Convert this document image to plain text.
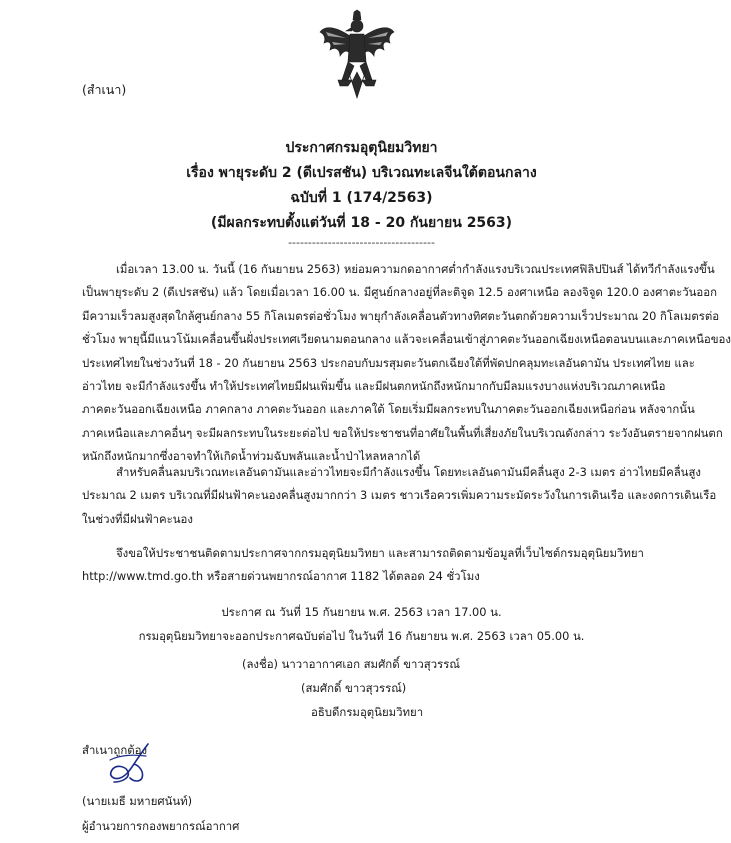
(สำเนา)
ประกาศกรมอุตุนิยมวิทยา
เรื่อง พายุระดับ 2 (ดีเปรสชัน) บริเวณทะเลจีนใต้ตอนกลาง
ฉบับที่ 1 (174/2563)
(มีผลกระทบตั้งแต่วันที่ 18 - 20 กันยายน 2563)
-------------------------------------
เมื่อเวลา 13.00 น. วันนี้ (16 กันยายน 2563) หย่อมความกดอากาศต่ำกำลังแรงบริเวณประเทศฟิลิปปินส์ ได้ทวีกำลังแรงขึ้น
เป็นพายุระดับ 2 (ดีเปรสชัน) แล้ว โดยเมื่อเวลา 16.00 น. มีศูนย์กลางอยู่ที่ละติจูด 12.5 องศาเหนือ ลองจิจูด 120.0 องศาตะวันออก
มีความเร็วลมสูงสุดใกล้ศูนย์กลาง 55 กิโลเมตรต่อชั่วโมง พายุกำลังเคลื่อนตัวทางทิศตะวันตกด้วยความเร็วประมาณ 20 กิโลเมตรต่อ
ชั่วโมง พายุนี้มีแนวโน้มเคลื่อนขึ้นฝั่งประเทศเวียดนามตอนกลาง แล้วจะเคลื่อนเข้าสู่ภาคตะวันออกเฉียงเหนือตอนบนและภาคเหนือของ
ประเทศไทยในช่วงวันที่ 18 - 20 กันยายน 2563 ประกอบกับมรสุมตะวันตกเฉียงใต้ที่พัดปกคลุมทะเลอันดามัน ประเทศไทย และ
อ่าวไทย จะมีกำลังแรงขึ้น ทำให้ประเทศไทยมีฝนเพิ่มขึ้น และมีฝนตกหนักถึงหนักมากกับมีลมแรงบางแห่งบริเวณภาคเหนือ
ภาคตะวันออกเฉียงเหนือ ภาคกลาง ภาคตะวันออก และภาคใต้ โดยเริ่มมีผลกระทบในภาคตะวันออกเฉียงเหนือก่อน หลังจากนั้น
ภาคเหนือและภาคอื่นๆ จะมีผลกระทบในระยะต่อไป ขอให้ประชาชนที่อาศัยในพื้นที่เสี่ยงภัยในบริเวณดังกล่าว ระวังอันตรายจากฝนตก
หนักถึงหนักมากซึ่งอาจทำให้เกิดน้ำท่วมฉับพลันและน้ำป่าไหลหลากได้
สำหรับคลื่นลมบริเวณทะเลอันดามันและอ่าวไทยจะมีกำลังแรงขึ้น โดยทะเลอันดามันมีคลื่นสูง 2-3 เมตร อ่าวไทยมีคลื่นสูง
ประมาณ 2 เมตร บริเวณที่มีฝนฟ้าคะนองคลื่นสูงมากกว่า 3 เมตร ชาวเรือควรเพิ่มความระมัดระวังในการเดินเรือ และงดการเดินเรือ
ในช่วงที่มีฝนฟ้าคะนอง
จึงขอให้ประชาชนติดตามประกาศจากกรมอุตุนิยมวิทยา และสามารถติดตามข้อมูลที่เว็บไซต์กรมอุตุนิยมวิทยา
http://www.tmd.go.th หรือสายด่วนพยากรณ์อากาศ 1182 ได้ตลอด 24 ชั่วโมง
ประกาศ ณ วันที่ 15 กันยายน พ.ศ. 2563 เวลา 17.00 น.
กรมอุตุนิยมวิทยาจะออกประกาศฉบับต่อไป ในวันที่ 16 กันยายน พ.ศ. 2563 เวลา 05.00 น.
(ลงชื่อ) นาวาอากาศเอก สมศักดิ์ ขาวสุวรรณ์
(สมศักดิ์ ขาวสุวรรณ์)
อธิบดีกรมอุตุนิยมวิทยา
สำเนาถูกต้อง
(นายเมธี มหายศนันท์)
ผู้อำนวยการกองพยากรณ์อากาศ
